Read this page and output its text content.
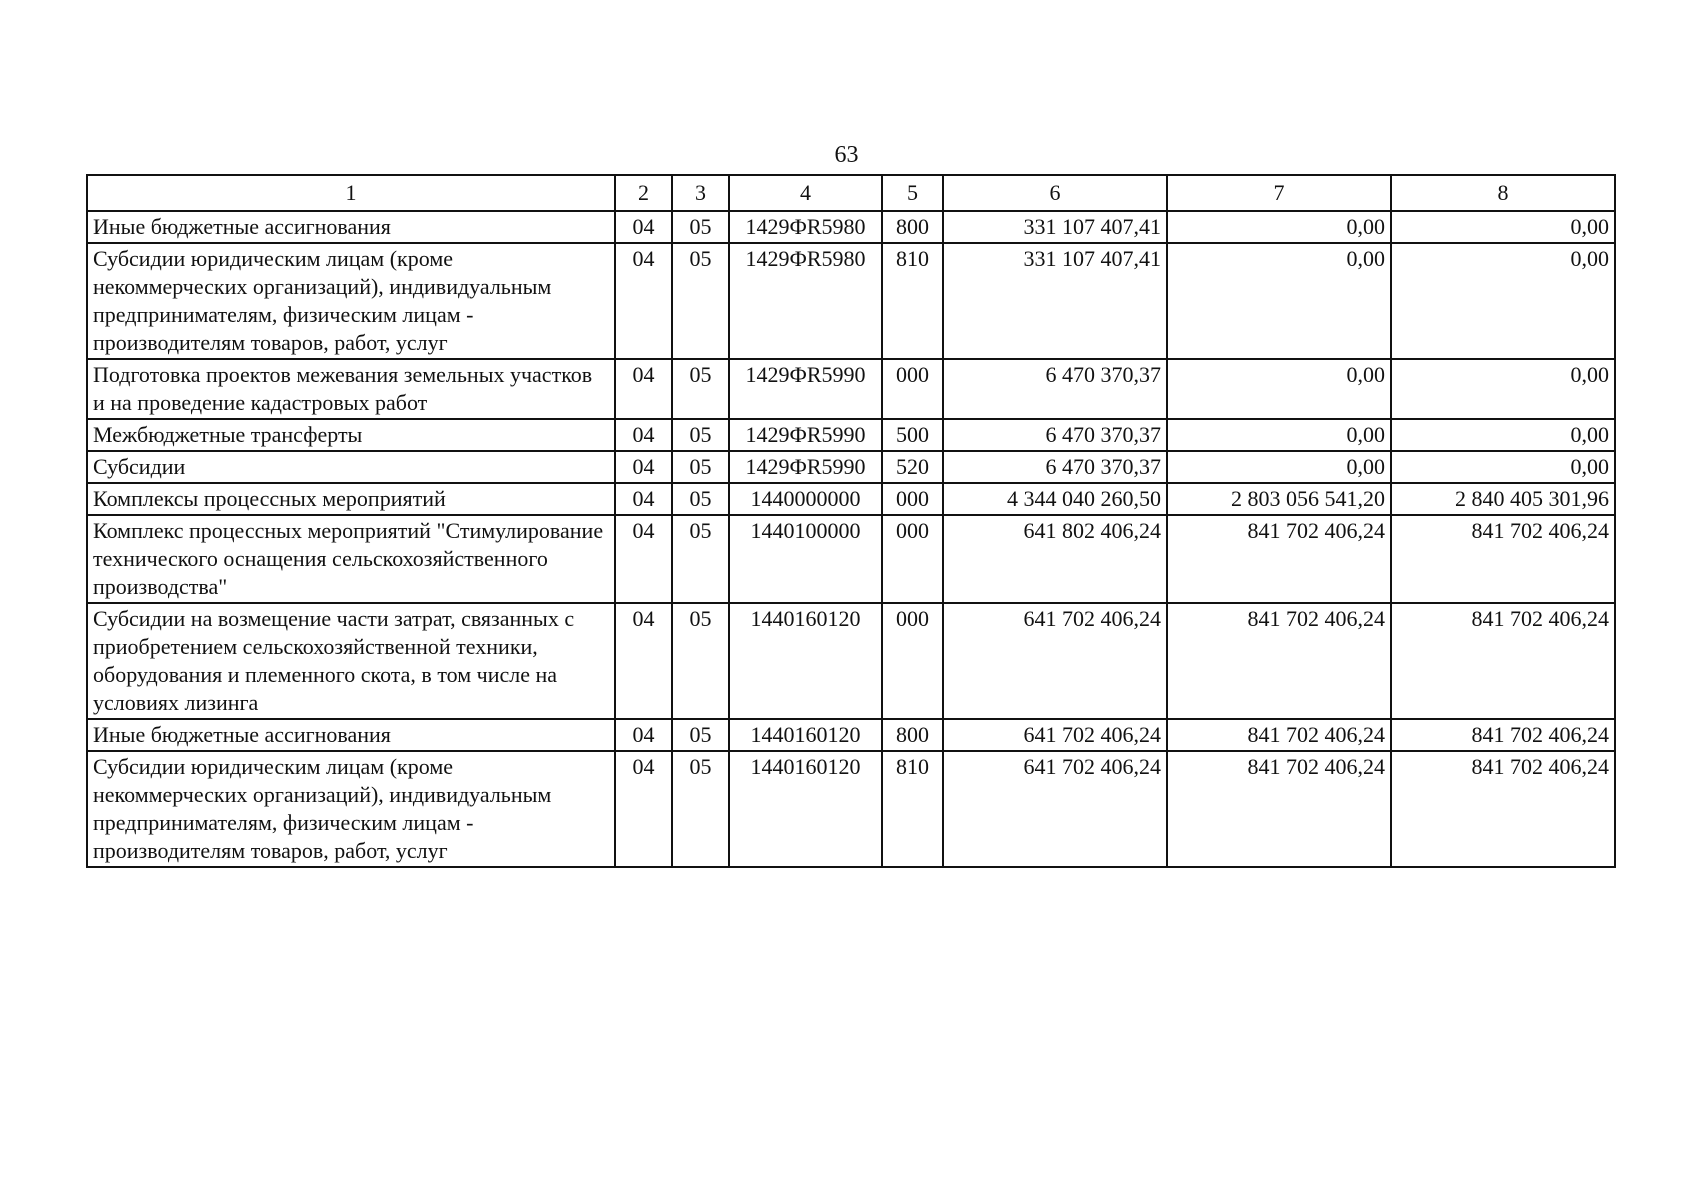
63
1	2	3	4	5	6	7	8
Иные бюджетные ассигнования	04	05	1429ФR5980	800	331 107 407,41	0,00	0,00
Субсидии юридическим лицам (кроме некоммерческих организаций), индивидуальным предпринимателям, физическим лицам - производителям товаров, работ, услуг	04	05	1429ФR5980	810	331 107 407,41	0,00	0,00
Подготовка проектов межевания земельных участков и на проведение кадастровых работ	04	05	1429ФR5990	000	6 470 370,37	0,00	0,00
Межбюджетные трансферты	04	05	1429ФR5990	500	6 470 370,37	0,00	0,00
Субсидии	04	05	1429ФR5990	520	6 470 370,37	0,00	0,00
Комплексы процессных мероприятий	04	05	1440000000	000	4 344 040 260,50	2 803 056 541,20	2 840 405 301,96
Комплекс процессных мероприятий "Стимулирование технического оснащения сельскохозяйственного производства"	04	05	1440100000	000	641 802 406,24	841 702 406,24	841 702 406,24
Субсидии на возмещение части затрат, связанных с приобретением сельскохозяйственной техники, оборудования и племенного скота, в том числе на условиях лизинга	04	05	1440160120	000	641 702 406,24	841 702 406,24	841 702 406,24
Иные бюджетные ассигнования	04	05	1440160120	800	641 702 406,24	841 702 406,24	841 702 406,24
Субсидии юридическим лицам (кроме некоммерческих организаций), индивидуальным предпринимателям, физическим лицам - производителям товаров, работ, услуг	04	05	1440160120	810	641 702 406,24	841 702 406,24	841 702 406,24
